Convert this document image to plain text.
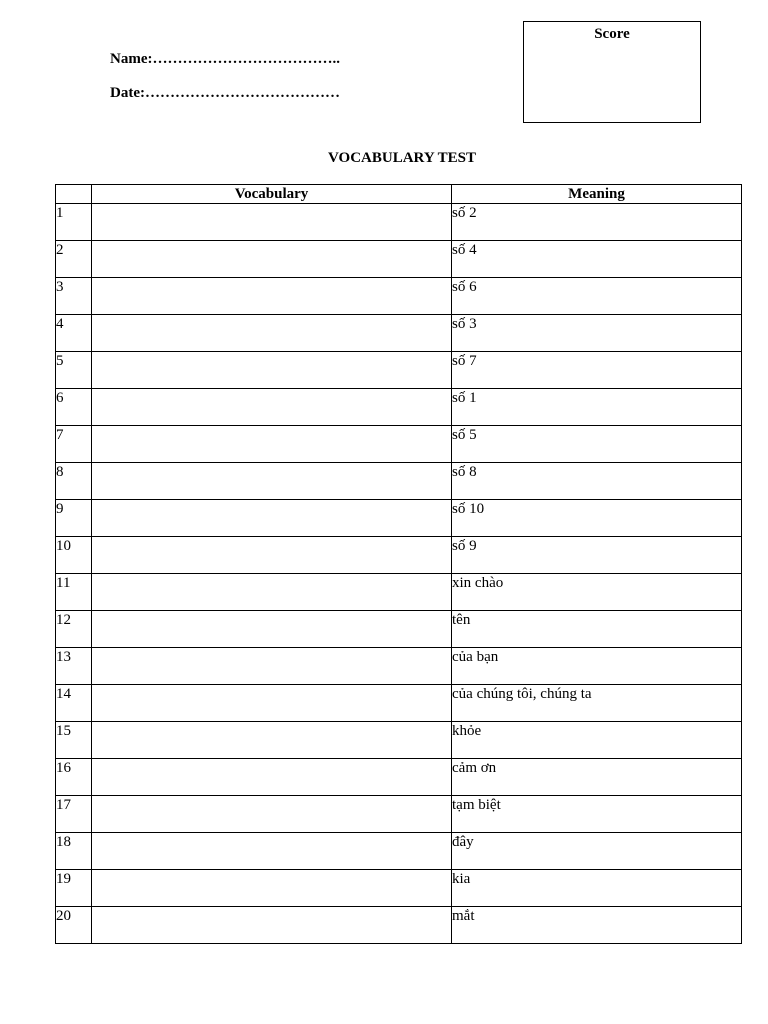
Name:………………………………..
Date:…………………………………
Score
VOCABULARY TEST
	Vocabulary	Meaning
1		số 2
2		số 4
3		số 6
4		số 3
5		số 7
6		số 1
7		số 5
8		số 8
9		số 10
10		số 9
11		xin chào
12		tên
13		của bạn
14		của chúng tôi, chúng ta
15		khỏe
16		cảm ơn
17		tạm biệt
18		đây
19		kia
20		mắt
